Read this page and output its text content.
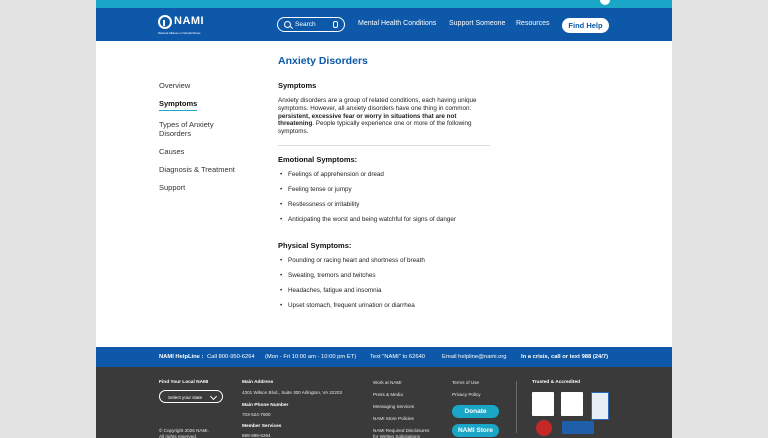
NAMI
National Alliance on Mental Illness
Search	Mental Health Conditions Support Someone Resources	Find Help
Overview
Symptoms
Types of Anxiety Disorders
Causes
Diagnosis & Treatment
Support
Anxiety Disorders
Symptoms
Anxiety disorders are a group of related conditions, each having unique symptoms. However, all anxiety disorders have one thing in common: persistent, excessive fear or worry in situations that are not threatening. People typically experience one or more of the following symptoms.
Emotional Symptoms:
• Feelings of apprehension or dread
• Feeling tense or jumpy
• Restlessness or irritability
• Anticipating the worst and being watchful for signs of danger
Physical Symptoms:
• Pounding or racing heart and shortness of breath
• Sweating, tremors and twitches
• Headaches, fatigue and insomnia
• Upset stomach, frequent urination or diarrhea
NAMI HelpLine : Call 800-950-6264 (Mon - Fri 10:00 am - 10:00 pm ET) Text "NAMI" to 62640	Email helpline@nami.org In a crisis, call or text 988 (24/7)
Find Your Local NAMI
Select your state
© Copyright 2026 NAMI.
All rights reserved.
Main Address
4301 Wilson Blvd., Suite 300 Arlington, VA 22203
Main Phone Number
703-524-7600
Member Services
888-999-6264
Work at NAMI
Press & Media
Messaging Services
NAMI Store Policies
NAMI Required Disclosures
for Written Solicitations
Terms of Use
Privacy Policy
Donate
NAMI Store
Trusted & Accredited
